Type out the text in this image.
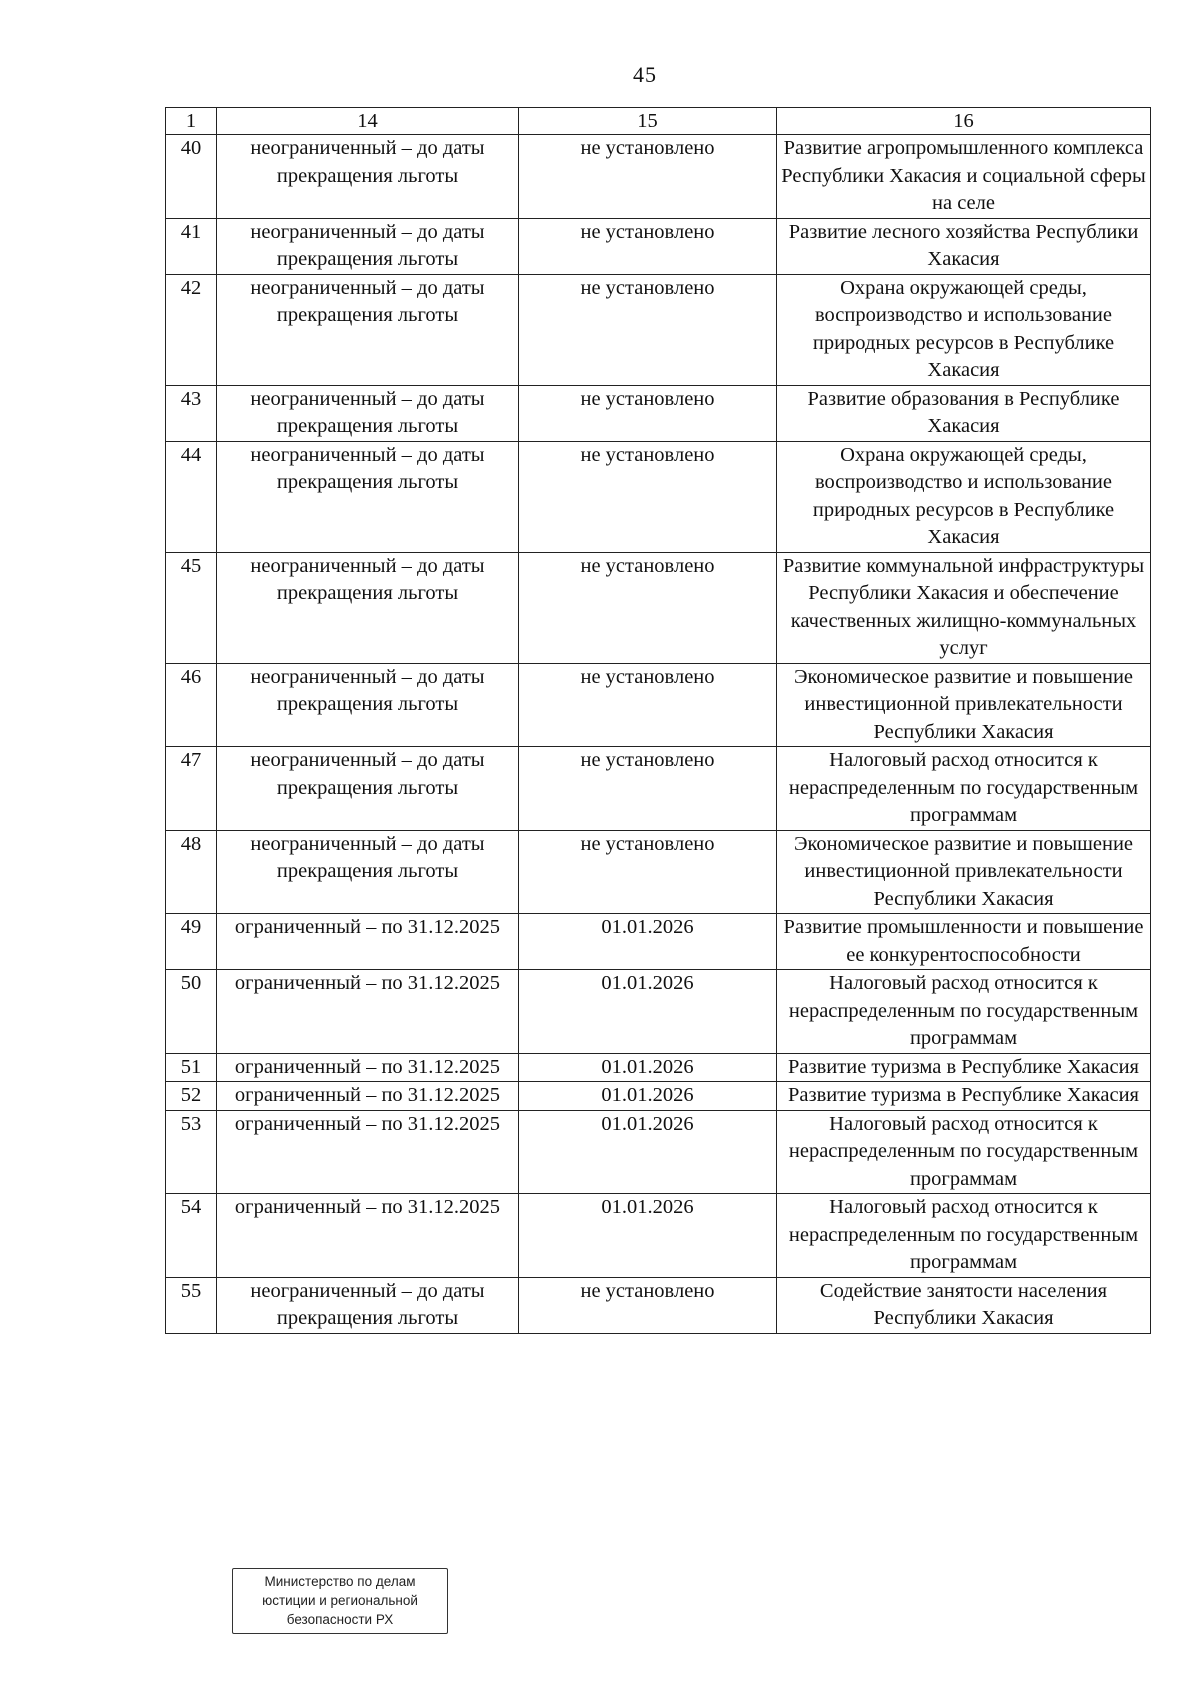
45
1	14	15	16
40	неограниченный – до даты прекращения льготы	не установлено	Развитие агропромышленного комплекса Республики Хакасия и социальной сферы на селе
41	неограниченный – до даты прекращения льготы	не установлено	Развитие лесного хозяйства Республики Хакасия
42	неограниченный – до даты прекращения льготы	не установлено	Охрана окружающей среды, воспроизводство и использование природных ресурсов в Республике Хакасия
43	неограниченный – до даты прекращения льготы	не установлено	Развитие образования в Республике Хакасия
44	неограниченный – до даты прекращения льготы	не установлено	Охрана окружающей среды, воспроизводство и использование природных ресурсов в Республике Хакасия
45	неограниченный – до даты прекращения льготы	не установлено	Развитие коммунальной инфраструктуры Республики Хакасия и обеспечение качественных жилищно-коммунальных услуг
46	неограниченный – до даты прекращения льготы	не установлено	Экономическое развитие и повышение инвестиционной привлекательности Республики Хакасия
47	неограниченный – до даты прекращения льготы	не установлено	Налоговый расход относится к нераспределенным по государственным программам
48	неограниченный – до даты прекращения льготы	не установлено	Экономическое развитие и повышение инвестиционной привлекательности Республики Хакасия
49	ограниченный – по 31.12.2025	01.01.2026	Развитие промышленности и повышение ее конкурентоспособности
50	ограниченный – по 31.12.2025	01.01.2026	Налоговый расход относится к нераспределенным по государственным программам
51	ограниченный – по 31.12.2025	01.01.2026	Развитие туризма в Республике Хакасия
52	ограниченный – по 31.12.2025	01.01.2026	Развитие туризма в Республике Хакасия
53	ограниченный – по 31.12.2025	01.01.2026	Налоговый расход относится к нераспределенным по государственным программам
54	ограниченный – по 31.12.2025	01.01.2026	Налоговый расход относится к нераспределенным по государственным программам
55	неограниченный – до даты прекращения льготы	не установлено	Содействие занятости населения Республики Хакасия
Министерство по делам
юстиции и региональной
безопасности РХ
